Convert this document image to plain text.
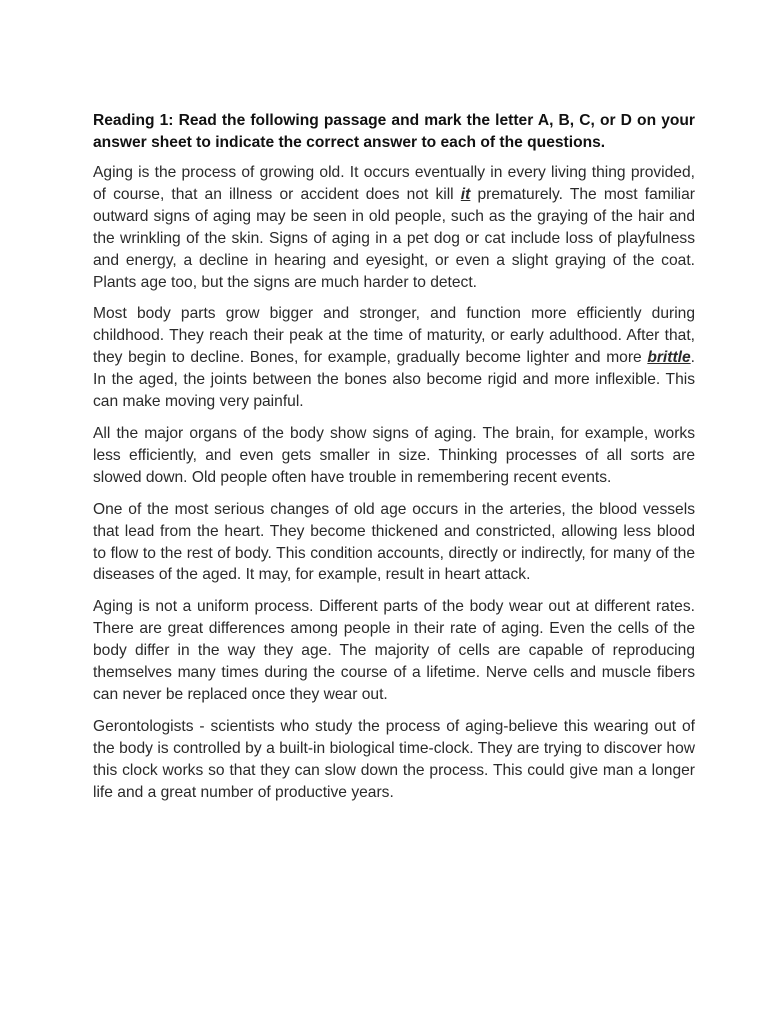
Reading 1: Read the following passage and mark the letter A, B, C, or D on your answer sheet to indicate the correct answer to each of the questions.

Aging is the process of growing old. It occurs eventually in every living thing provided, of course, that an illness or accident does not kill it prematurely. The most familiar outward signs of aging may be seen in old people, such as the graying of the hair and the wrinkling of the skin. Signs of aging in a pet dog or cat include loss of playfulness and energy, a decline in hearing and eyesight, or even a slight graying of the coat. Plants age too, but the signs are much harder to detect.

Most body parts grow bigger and stronger, and function more efficiently during childhood. They reach their peak at the time of maturity, or early adulthood. After that, they begin to decline. Bones, for example, gradually become lighter and more brittle. In the aged, the joints between the bones also become rigid and more inflexible. This can make moving very painful.

All the major organs of the body show signs of aging. The brain, for example, works less efficiently, and even gets smaller in size. Thinking processes of all sorts are slowed down. Old people often have trouble in remembering recent events.

One of the most serious changes of old age occurs in the arteries, the blood vessels that lead from the heart. They become thickened and constricted, allowing less blood to flow to the rest of body. This condition accounts, directly or indirectly, for many of the diseases of the aged. It may, for example, result in heart attack.

Aging is not a uniform process. Different parts of the body wear out at different rates. There are great differences among people in their rate of aging. Even the cells of the body differ in the way they age. The majority of cells are capable of reproducing themselves many times during the course of a lifetime. Nerve cells and muscle fibers can never be replaced once they wear out.

Gerontologists - scientists who study the process of aging-believe this wearing out of the body is controlled by a built-in biological time-clock. They are trying to discover how this clock works so that they can slow down the process. This could give man a longer life and a great number of productive years.
